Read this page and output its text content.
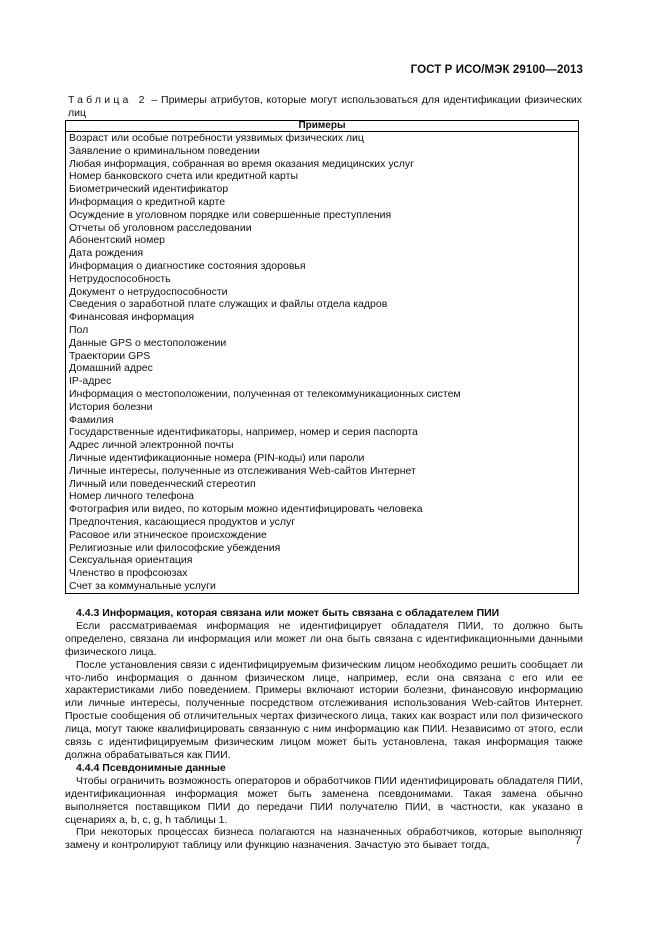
ГОСТ Р ИСО/МЭК 29100—2013
Таблица 2 – Примеры атрибутов, которые могут использоваться для идентификации физических лиц
Примеры
Возраст или особые потребности уязвимых физических лиц
Заявление о криминальном поведении
Любая информация, собранная во время оказания медицинских услуг
Номер банковского счета или кредитной карты
Биометрический идентификатор
Информация о кредитной карте
Осуждение в уголовном порядке или совершенные преступления
Отчеты об уголовном расследовании
Абонентский номер
Дата рождения
Информация о диагностике состояния здоровья
Нетрудоспособность
Документ о нетрудоспособности
Сведения о заработной плате служащих и файлы отдела кадров
Финансовая информация
Пол
Данные GPS о местоположении
Траектории GPS
Домашний адрес
IP-адрес
Информация о местоположении, полученная от телекоммуникационных систем
История болезни
Фамилия
Государственные идентификаторы, например, номер и серия паспорта
Адрес личной электронной почты
Личные идентификационные номера (PIN-коды) или пароли
Личные интересы, полученные из отслеживания Web-сайтов Интернет
Личный или поведенческий стереотип
Номер личного телефона
Фотография или видео, по которым можно идентифицировать человека
Предпочтения, касающиеся продуктов и услуг
Расовое или этническое происхождение
Религиозные или философские убеждения
Сексуальная ориентация
Членство в профсоюзах
Счет за коммунальные услуги
4.4.3 Информация, которая связана или может быть связана с обладателем ПИИ

Если рассматриваемая информация не идентифицирует обладателя ПИИ, то должно быть определено, связана ли информация или может ли она быть связана с идентификационными данными физического лица.

После установления связи с идентифицируемым физическим лицом необходимо решить сообщает ли что-либо информация о данном физическом лице, например, если она связана с его или ее характеристиками либо поведением. Примеры включают истории болезни, финансовую информацию или личные интересы, полученные посредством отслеживания использования Web-сайтов Интернет. Простые сообщения об отличительных чертах физического лица, таких как возраст или пол физического лица, могут также квалифицировать связанную с ним информацию как ПИИ. Независимо от этого, если связь с идентифицируемым физическим лицом может быть установлена, такая информация также должна обрабатываться как ПИИ.

4.4.4 Псевдонимные данные

Чтобы ограничить возможность операторов и обработчиков ПИИ идентифицировать обладателя ПИИ, идентификационная информация может быть заменена псевдонимами. Такая замена обычно выполняется поставщиком ПИИ до передачи ПИИ получателю ПИИ, в частности, как указано в сценариях a, b, c, g, h таблицы 1.

При некоторых процессах бизнеса полагаются на назначенных обработчиков, которые выполняют замену и контролируют таблицу или функцию назначения. Зачастую это бывает тогда,	7
